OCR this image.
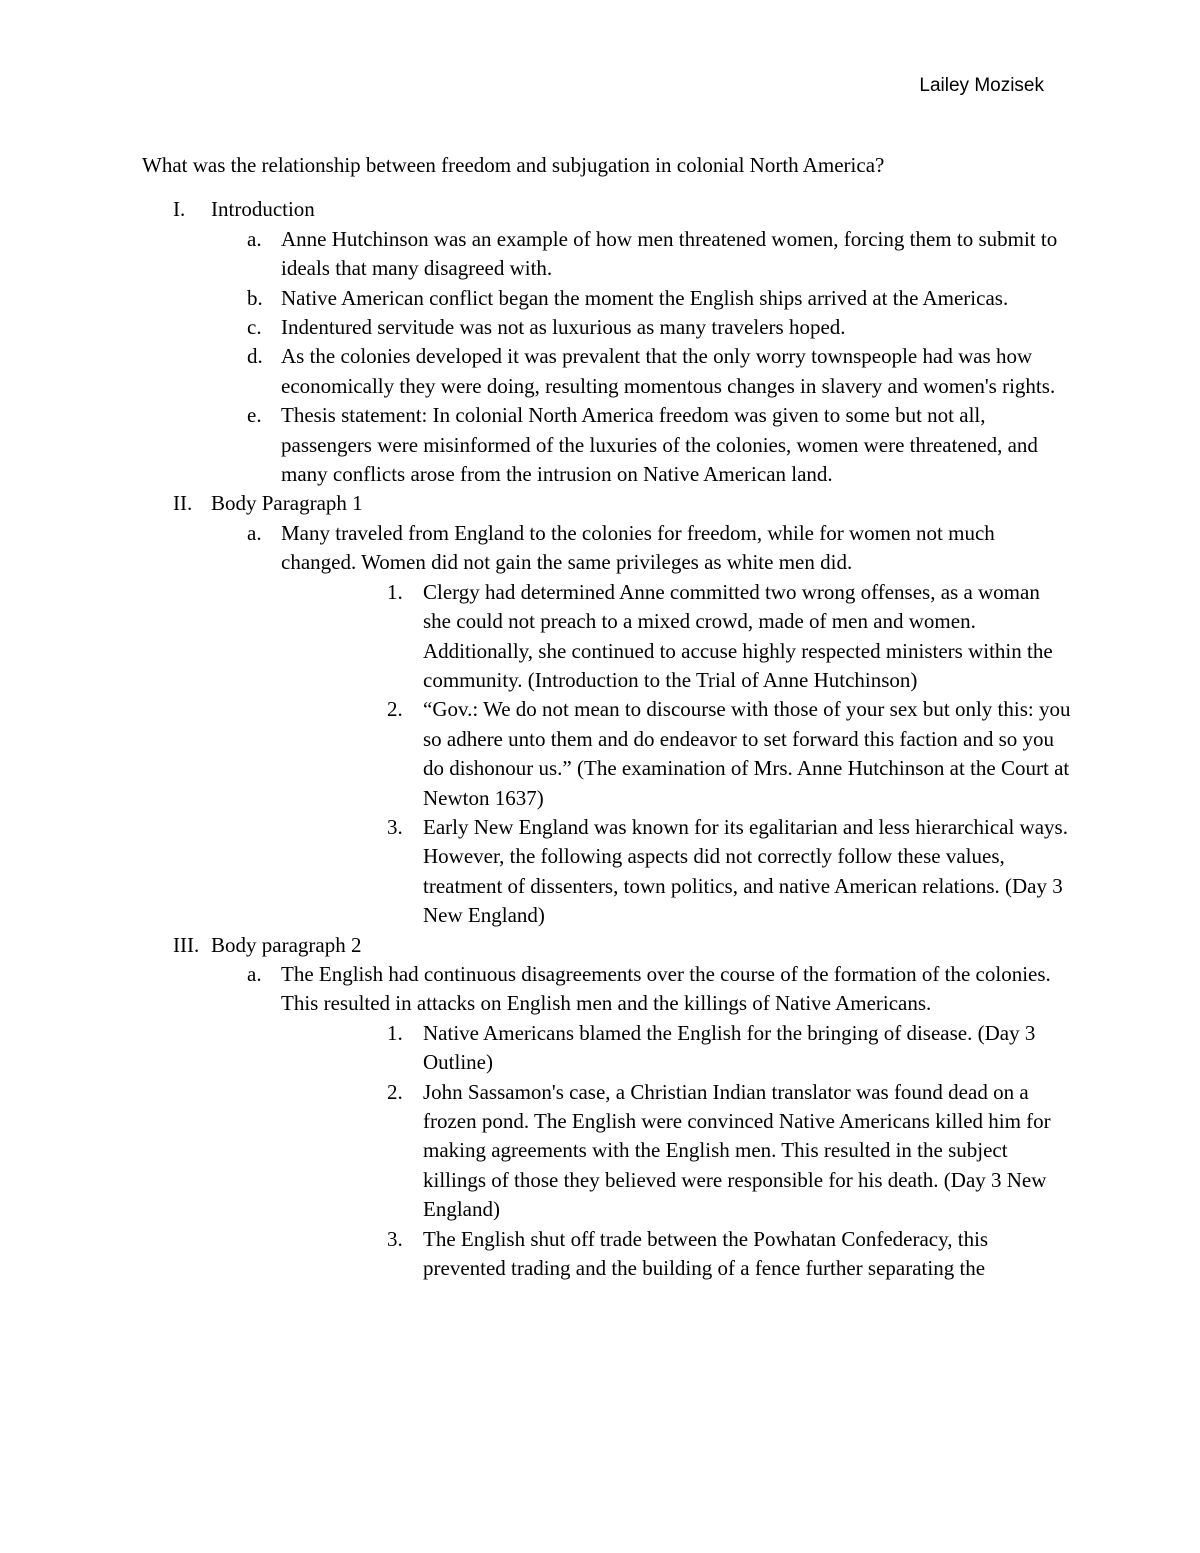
Lailey Mozisek

What was the relationship between freedom and subjugation in colonial North America?

I. Introduction
a. Anne Hutchinson was an example of how men threatened women, forcing them to submit to ideals that many disagreed with.
b. Native American conflict began the moment the English ships arrived at the Americas.
c. Indentured servitude was not as luxurious as many travelers hoped.
d. As the colonies developed it was prevalent that the only worry townspeople had was how economically they were doing, resulting momentous changes in slavery and women's rights.
e. Thesis statement: In colonial North America freedom was given to some but not all, passengers were misinformed of the luxuries of the colonies, women were threatened, and many conflicts arose from the intrusion on Native American land.
II. Body Paragraph 1
a. Many traveled from England to the colonies for freedom, while for women not much changed. Women did not gain the same privileges as white men did.
1. Clergy had determined Anne committed two wrong offenses, as a woman she could not preach to a mixed crowd, made of men and women. Additionally, she continued to accuse highly respected ministers within the community. (Introduction to the Trial of Anne Hutchinson)
2. “Gov.: We do not mean to discourse with those of your sex but only this: you so adhere unto them and do endeavor to set forward this faction and so you do dishonour us.” (The examination of Mrs. Anne Hutchinson at the Court at Newton 1637)
3. Early New England was known for its egalitarian and less hierarchical ways. However, the following aspects did not correctly follow these values, treatment of dissenters, town politics, and native American relations. (Day 3 New England)
III. Body paragraph 2
a. The English had continuous disagreements over the course of the formation of the colonies. This resulted in attacks on English men and the killings of Native Americans.
1. Native Americans blamed the English for the bringing of disease. (Day 3 Outline)
2. John Sassamon's case, a Christian Indian translator was found dead on a frozen pond. The English were convinced Native Americans killed him for making agreements with the English men. This resulted in the subject killings of those they believed were responsible for his death. (Day 3 New England)
3. The English shut off trade between the Powhatan Confederacy, this prevented trading and the building of a fence further separating the
